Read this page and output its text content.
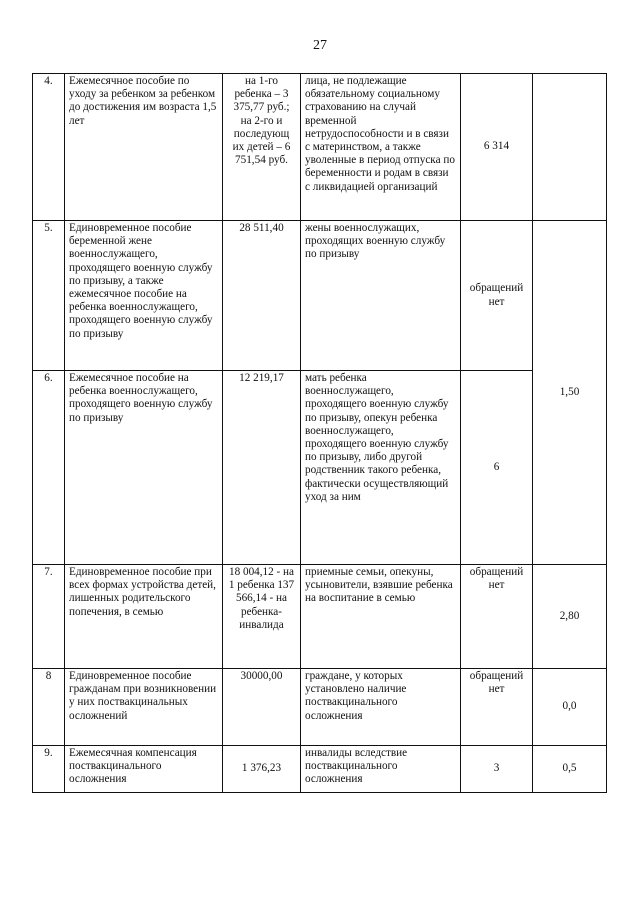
27
4.	Ежемесячное пособие по уходу за ребенком за ребенком до достижения им возраста 1,5 лет	на 1-го ребенка – 3 375,77 руб.; на 2-го и последующ их детей – 6 751,54 руб.	лица, не подлежащие обязательному социальному страхованию на случай временной нетрудоспособности и в связи с материнством, а также уволенные в период отпуска по беременности и родам в связи с ликвидацией организаций	6 314	
5.	Единовременное пособие беременной жене военнослужащего, проходящего военную службу по призыву, а также ежемесячное пособие на ребенка военнослужащего, проходящего военную службу по призыву	28 511,40	жены военнослужащих, проходящих военную службу по призыву	обращений нет	1,50
6.	Ежемесячное пособие на ребенка военнослужащего, проходящего военную службу по призыву	12 219,17	мать ребенка военнослужащего, проходящего военную службу по призыву, опекун ребенка военнослужащего, проходящего военную службу по призыву, либо другой родственник такого ребенка, фактически осуществляющий уход за ним	6	
7.	Единовременное пособие при всех формах устройства детей, лишенных родительского попечения, в семью	18 004,12 - на 1 ребенка 137 566,14 - на ребенка-инвалида	приемные семьи, опекуны, усыновители, взявшие ребенка на воспитание в семью	обращений нет	2,80
8	Единовременное пособие гражданам при возникновении у них поствакцинальных осложнений	30000,00	граждане, у которых установлено наличие поствакцинального осложнения	обращений нет	0,0
9.	Ежемесячная компенсация поствакцинального осложнения	1 376,23	инвалиды вследствие поствакцинального осложнения	3	0,5
